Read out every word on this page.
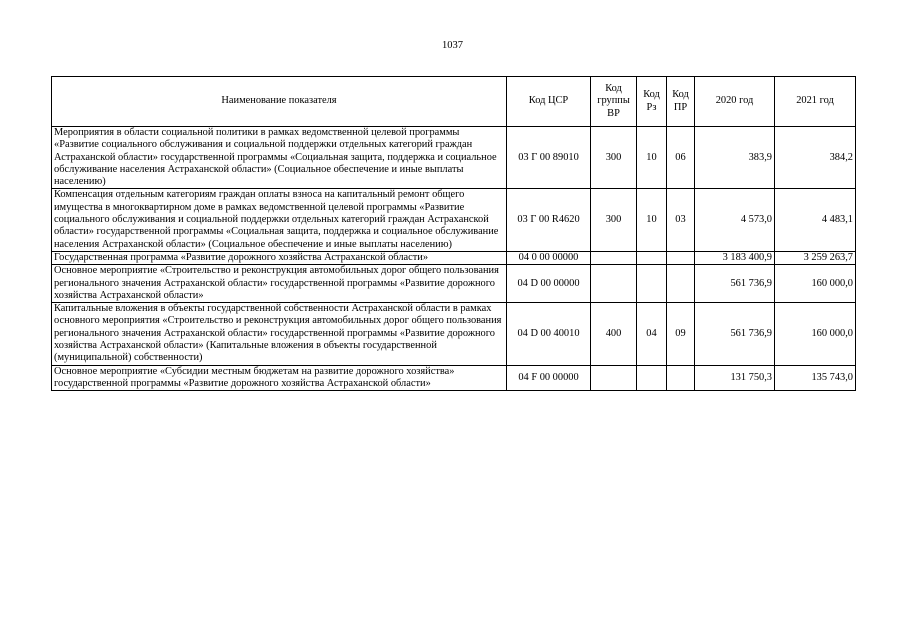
1037
Наименование показателя	Код ЦСР	Код группы ВР	Код Рз	Код ПР	2020 год	2021 год
Мероприятия в области социальной политики в рамках ведомственной целевой программы «Развитие социального обслуживания и социальной поддержки отдельных категорий граждан Астраханской области» государственной программы «Социальная защита, поддержка и социальное обслуживание населения Астраханской области» (Социальное обеспечение и иные выплаты населению)	03 Г 00 89010	300	10	06	383,9	384,2
Компенсация отдельным категориям граждан оплаты взноса на капитальный ремонт общего имущества в многоквартирном доме в рамках ведомственной целевой программы «Развитие социального обслуживания и социальной поддержки отдельных категорий граждан Астраханской области» государственной программы «Социальная защита, поддержка и социальное обслуживание населения Астраханской области» (Социальное обеспечение и иные выплаты населению)	03 Г 00 R4620	300	10	03	4 573,0	4 483,1
Государственная программа «Развитие дорожного хозяйства Астраханской области»	04 0 00 00000				3 183 400,9	3 259 263,7
Основное мероприятие «Строительство и реконструкция автомобильных дорог общего пользования регионального значения Астраханской области» государственной программы «Развитие дорожного хозяйства Астраханской области»	04 D 00 00000				561 736,9	160 000,0
Капитальные вложения в объекты государственной собственности Астраханской области в рамках основного мероприятия «Строительство и реконструкция автомобильных дорог общего пользования регионального значения Астраханской области» государственной программы «Развитие дорожного хозяйства Астраханской области» (Капитальные вложения в объекты государственной (муниципальной) собственности)	04 D 00 40010	400	04	09	561 736,9	160 000,0
Основное мероприятие «Субсидии местным бюджетам на развитие дорожного хозяйства» государственной программы «Развитие дорожного хозяйства Астраханской области»	04 F 00 00000				131 750,3	135 743,0
